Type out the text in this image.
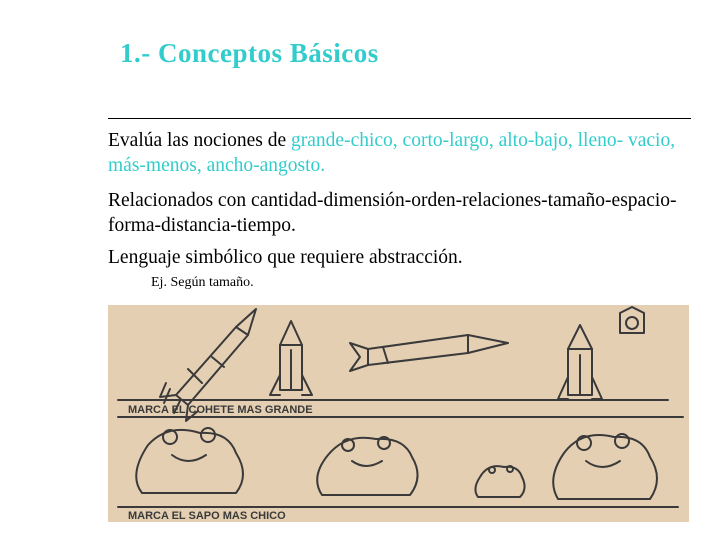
1.- Conceptos Básicos
Evalúa las nociones de grande-chico, corto-largo, alto-bajo, lleno- vacio, más-menos, ancho-angosto.
Relacionados con cantidad-dimensión-orden-relaciones-tamaño-espacio-forma-distancia-tiempo.
Lenguaje simbólico que requiere abstracción.
Ej. Según tamaño.
MARCA EL COHETE MAS GRANDE
MARCA EL SAPO MAS CHICO
